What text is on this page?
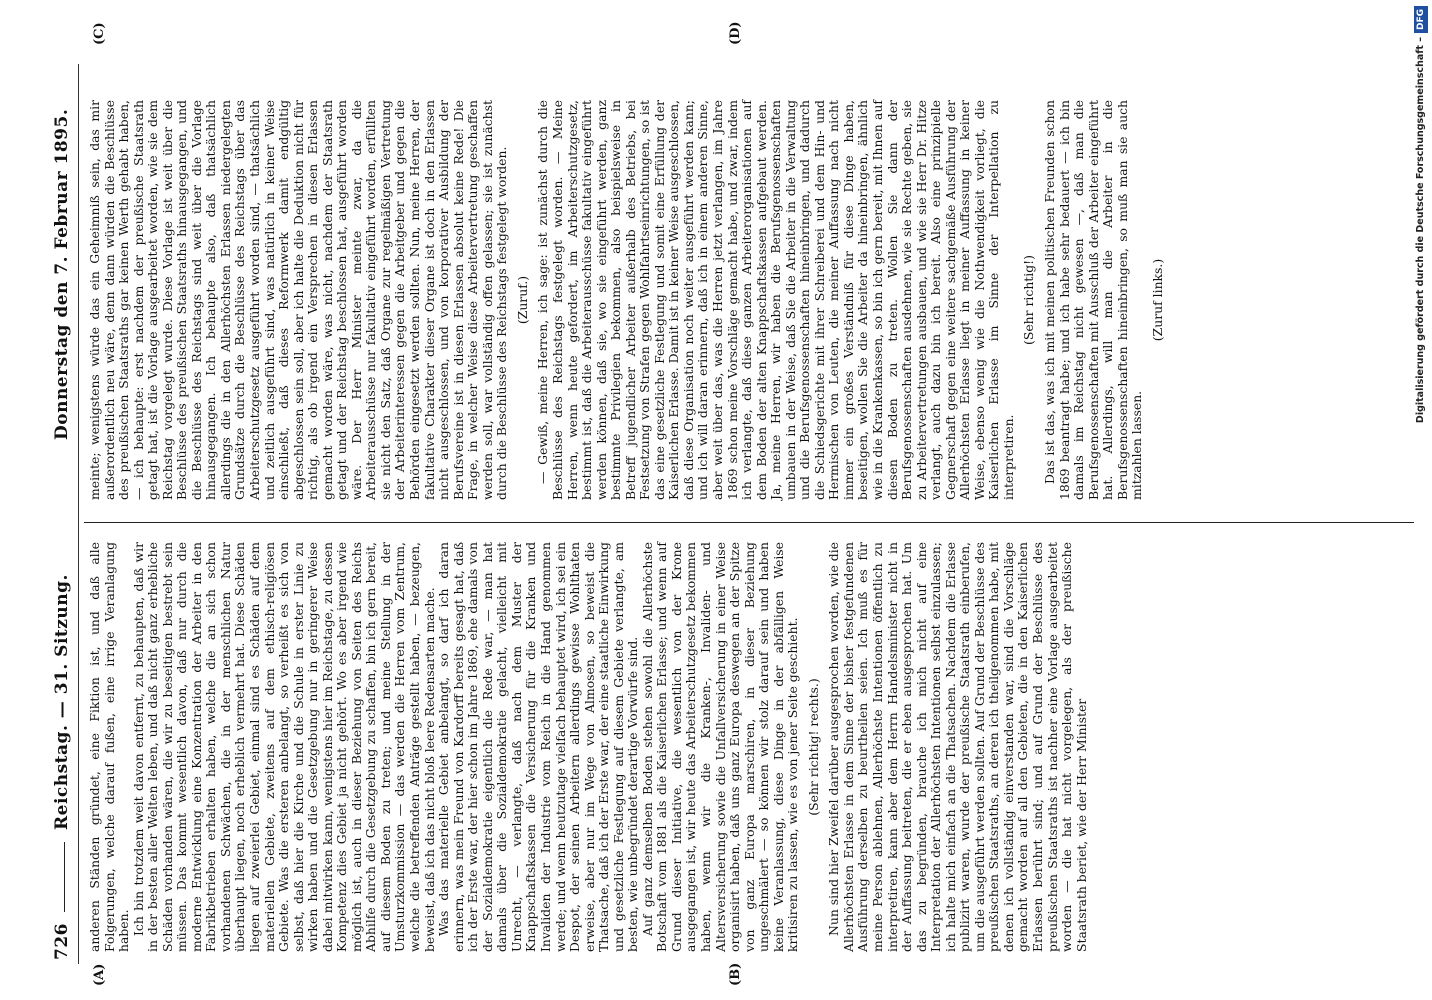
726
Reichstag. — 31. Sitzung.
Donnerstag den 7. Februar 1895.
(A)	(B)
(C)	(D)

anderen Ständen gründet, eine Fiktion ist, und daß alle Folgerungen, welche darauf fußen, eine irrige Veranlagung haben. Ich bin trotzdem weit davon entfernt, zu behaupten, daß wir in der besten aller Welten leben, und daß nicht ganz erhebliche Schäden vorhanden wären, die wir zu beseitigen bestrebt sein müssen. Das kommt wesentlich davon, daß nur durch die moderne Entwicklung eine Konzentration der Arbeiter in den Fabrikbetrieben erhalten haben, welche die an sich schon vorhandenen Schwächen, die in der menschlichen Natur überhaupt liegen, noch erheblich vermehrt hat. Diese Schäden liegen auf zweierlei Gebiet, einmal sind es Schäden auf dem materiellen Gebiete, zweitens auf dem ethisch-religiösen Gebiete. Was die ersteren anbelangt, so verheißt es sich von selbst, daß hier die Kirche und die Schule in erster Linie zu wirken haben und die Gesetzgebung nur in geringerer Weise dabei mitwirken kann, wenigstens hier im Reichstage, zu dessen Kompetenz dies Gebiet ja nicht gehört. Wo es aber irgend wie möglich ist, auch in dieser Beziehung von Seiten des Reichs Abhilfe durch die Gesetzgebung zu schaffen, bin ich gern bereit, auf diesem Boden zu treten; und meine Stellung in der Umsturzkommission — das werden die Herren vom Zentrum, welche die betreffenden Anträge gestellt haben, — bezeugen, beweist, daß ich das nicht bloß leere Redensarten mache. Was das materielle Gebiet anbelangt, so darf ich daran erinnern, was mein Freund von Kardorff bereits gesagt hat, daß ich der Erste war, der hier schon im Jahre 1869, ehe damals von der Sozialdemokratie eigentlich die Rede war, — man hat damals über die Sozialdemokratie gelacht, vielleicht mit Unrecht, — verlangte, daß nach dem Muster der Knappschaftskassen die Versicherung für die Kranken und Invaliden der Industrie vom Reich in die Hand genommen werde; und wenn heutzutage vielfach behauptet wird, ich sei ein Despot, der seinen Arbeitern allerdings gewisse Wohlthaten erweise, aber nur im Wege von Almosen, so beweist die Thatsache, daß ich der Erste war, der eine staatliche Einwirkung und gesetzliche Festlegung auf diesem Gebiete verlangte, am besten, wie unbegründet derartige Vorwürfe sind. Auf ganz demselben Boden stehen sowohl die Allerhöchste Botschaft vom 1881 als die Kaiserlichen Erlasse; und wenn auf Grund dieser Initiative, die wesentlich von der Krone ausgegangen ist, wir heute das Arbeiterschutzgesetz bekommen haben, wenn wir die Kranken-, Invaliden- und Altersversicherung sowie die Unfallversicherung in einer Weise organisirt haben, daß uns ganz Europa deswegen an der Spitze von ganz Europa marschiren, in dieser Beziehung ungeschmälert — so können wir stolz darauf sein und haben keine Veranlassung, diese Dinge in der abfälligen Weise kritisiren zu lassen, wie es von jener Seite geschieht. (Sehr richtig! rechts.) Nun sind hier Zweifel darüber ausgesprochen worden, wie die Allerhöchsten Erlasse in dem Sinne der bisher festgefundenen Ausführung derselben zu beurtheilen seien. Ich muß es für meine Person ablehnen, Allerhöchste Intentionen öffentlich zu interpretiren, kann aber dem Herrn Handelsminister nicht in der Auffassung beitreten, die er eben ausgesprochen hat. Um das zu begründen, brauche ich mich nicht auf eine Interpretation der Allerhöchsten Intentionen selbst einzulassen; ich halte mich einfach an die Thatsachen. Nachdem die Erlasse publizirt waren, wurde der preußische Staatsrath einberufen, um die ausgeführt werden sollten. Auf Grund der Beschlüsse des preußischen Staatsraths, an deren ich theilgenommen habe, mit denen ich vollständig einverstanden war, sind die Vorschläge gemacht worden auf all den Gebieten, die in den Kaiserlichen Erlassen berührt sind; und auf Grund der Beschlüsse des preußischen Staatsraths ist nachher eine Vorlage ausgearbeitet worden — die hat nicht vorgelegen, als der preußische Staatsrath beriet, wie der Herr Minister

meinte; wenigstens würde das ein Geheimniß sein, das mir außerordentlich neu wäre, denn dann würden die Beschlüsse des preußischen Staatsraths gar keinen Werth gehabt haben, — ich behaupte: erst nachdem der preußische Staatsrath getagt hat, ist die Vorlage ausgearbeitet worden, wie sie dem Reichstag vorgelegt wurde. Diese Vorlage ist weit über die Beschlüsse des preußischen Staatsraths hinausgegangen, und die Beschlüsse des Reichstags sind weit über die Vorlage hinausgegangen. Ich behaupte also, daß thatsächlich allerdings die in den Allerhöchsten Erlassen niedergelegten Grundsätze durch die Beschlüsse des Reichstags über das Arbeiterschutzgesetz ausgeführt worden sind, — thatsächlich und zeitlich ausgeführt sind, was natürlich in keiner Weise einschließt, daß dieses Reformwerk damit endgültig abgeschlossen sein soll, aber ich halte die Deduktion nicht für richtig, als ob irgend ein Versprechen in diesen Erlassen gemacht worden wäre, was nicht, nachdem der Staatsrath getagt und der Reichstag beschlossen hat, ausgeführt worden wäre. Der Herr Minister meinte zwar, da die Arbeiterausschüsse nur fakultativ eingeführt worden, erfüllten sie nicht den Satz, daß Organe zur regelmäßigen Vertretung der Arbeiterinteressen gegen die Arbeitgeber und gegen die Behörden eingesetzt werden sollten. Nun, meine Herren, der fakultative Charakter dieser Organe ist doch in den Erlassen nicht ausgeschlossen, und von korporativer Ausbildung der Berufsvereine ist in diesen Erlassen absolut keine Rede! Die Frage, in welcher Weise diese Arbeitervertretung geschaffen werden soll, war vollständig offen gelassen; sie ist zunächst durch die Beschlüsse des Reichstags festgelegt worden. (Zuruf.) — Gewiß, meine Herren, ich sage: ist zunächst durch die Beschlüsse des Reichstags festgelegt worden. — Meine Herren, wenn heute gefordert, im Arbeiterschutzgesetz, bestimmt ist, daß die Arbeiterausschüsse fakultativ eingeführt werden können, daß sie, wo sie eingeführt werden, ganz bestimmte Privilegien bekommen, also beispielsweise in Betreff jugendlicher Arbeiter außerhalb des Betriebs, bei Festsetzung von Strafen gegen Wohlfahrtseinrichtungen, so ist das eine gesetzliche Festlegung und somit eine Erfüllung der Kaiserlichen Erlasse. Damit ist in keiner Weise ausgeschlossen, daß diese Organisation noch weiter ausgeführt werden kann; und ich will daran erinnern, daß ich in einem anderen Sinne, aber weit über das, was die Herren jetzt verlangen, im Jahre 1869 schon meine Vorschläge gemacht habe, und zwar, indem ich verlangte, daß diese ganzen Arbeiterorganisationen auf dem Boden der alten Knappschaftskassen aufgebaut werden. Ja, meine Herren, wir haben die Berufsgenossenschaften umbauen in der Weise, daß Sie die Arbeiter in die Verwaltung und die Berufsgenossenschaften hineinbringen, und dadurch die Schiedsgerichte mit ihrer Schreiberei und dem Hin- und Hermischen von Leuten, die meiner Auffassung nach nicht immer ein großes Verständniß für diese Dinge haben, beseitigen, wollen Sie die Arbeiter da hineinbringen, ähnlich wie in die Krankenkassen, so bin ich gern bereit, mit Ihnen auf diesen Boden zu treten. Wollen Sie dann der Berufsgenossenschaften ausdehnen, wie sie Rechte geben, sie zu Arbeitervertretungen ausbauen, und wie sie Herr Dr. Hitze verlangt, auch dazu bin ich bereit. Also eine prinzipielle Gegnerschaft gegen eine weitere sachgemäße Ausführung der Allerhöchsten Erlasse liegt in meiner Auffassung in keiner Weise, ebenso wenig wie die Nothwendigkeit vorliegt, die Kaiserlichen Erlasse im Sinne der Interpellation zu interpretiren.

(Sehr richtig!) Das ist das, was ich mit meinen politischen Freunden schon 1869 beantragt habe; und ich habe sehr bedauert — ich bin damals im Reichstag nicht gewesen —, daß man die Berufsgenossenschaften mit Ausschluß der Arbeiter eingeführt hat. Allerdings, will man die Arbeiter in die Berufsgenossenschaften hineinbringen, so muß man sie auch mitzahlen lassen.

(Zuruf links.)	Digitalisierung gefördert durch die Deutsche Forschungsgemeinschaft –DFG
